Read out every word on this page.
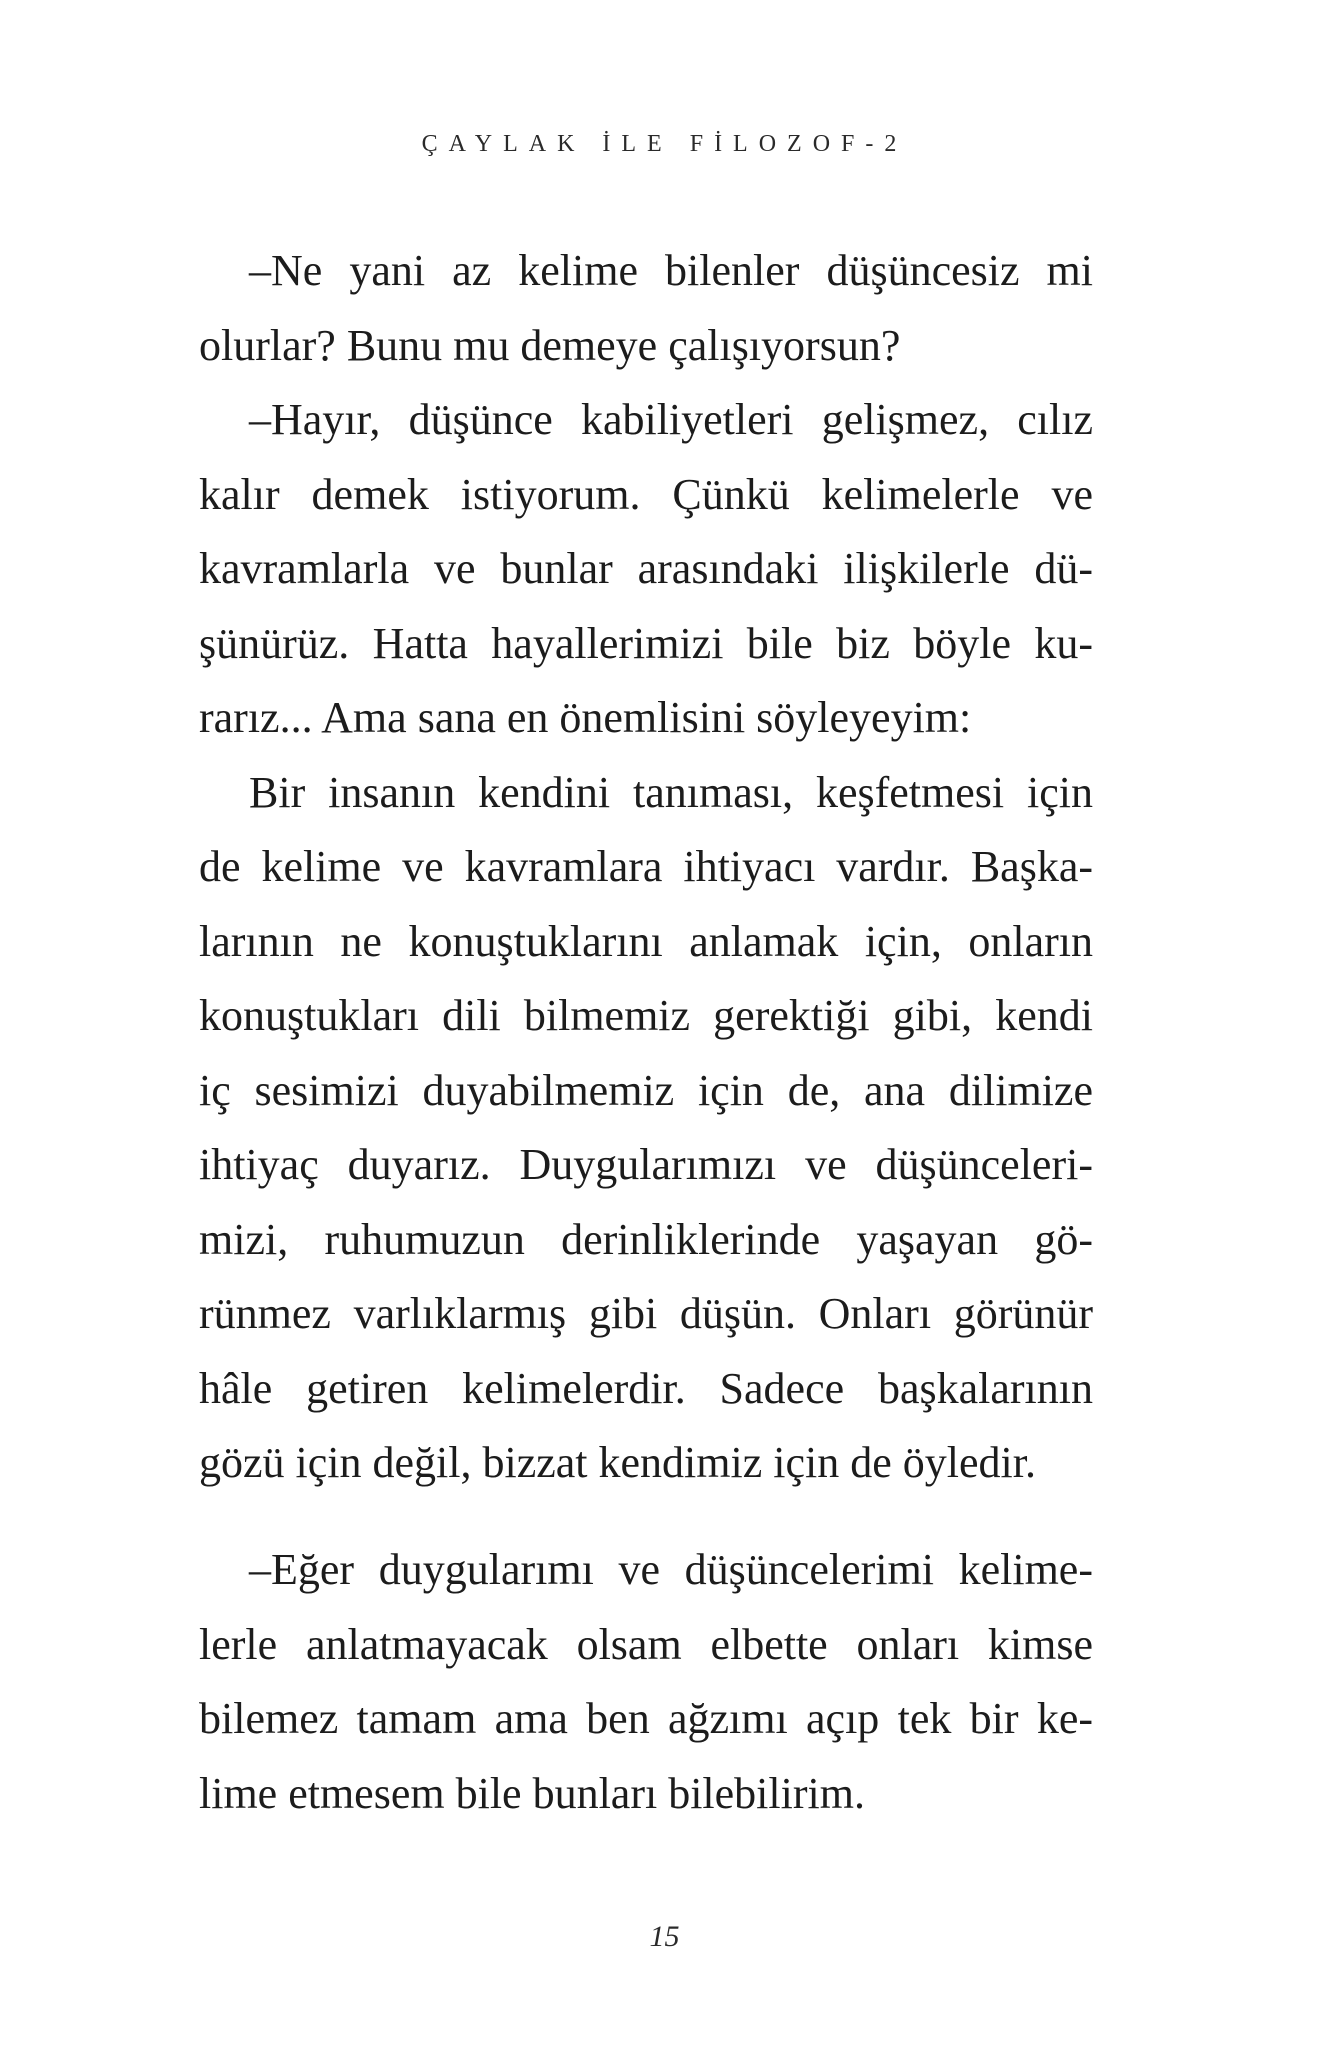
ÇAYLAK İLE FİLOZOF-2
–Ne yani az kelime bilenler düşüncesiz mi
olurlar? Bunu mu demeye çalışıyorsun?
–Hayır, düşünce kabiliyetleri gelişmez, cılız
kalır demek istiyorum. Çünkü kelimelerle ve
kavramlarla ve bunlar arasındaki ilişkilerle dü-
şünürüz. Hatta hayallerimizi bile biz böyle ku-
rarız... Ama sana en önemlisini söyleyeyim:
Bir insanın kendini tanıması, keşfetmesi için
de kelime ve kavramlara ihtiyacı vardır. Başka-
larının ne konuştuklarını anlamak için, onların
konuştukları dili bilmemiz gerektiği gibi, kendi
iç sesimizi duyabilmemiz için de, ana dilimize
ihtiyaç duyarız. Duygularımızı ve düşünceleri-
mizi, ruhumuzun derinliklerinde yaşayan gö-
rünmez varlıklarmış gibi düşün. Onları görünür
hâle getiren kelimelerdir. Sadece başkalarının
gözü için değil, bizzat kendimiz için de öyledir.
–Eğer duygularımı ve düşüncelerimi kelime-
lerle anlatmayacak olsam elbette onları kimse
bilemez tamam ama ben ağzımı açıp tek bir ke-
lime etmesem bile bunları bilebilirim.
15
